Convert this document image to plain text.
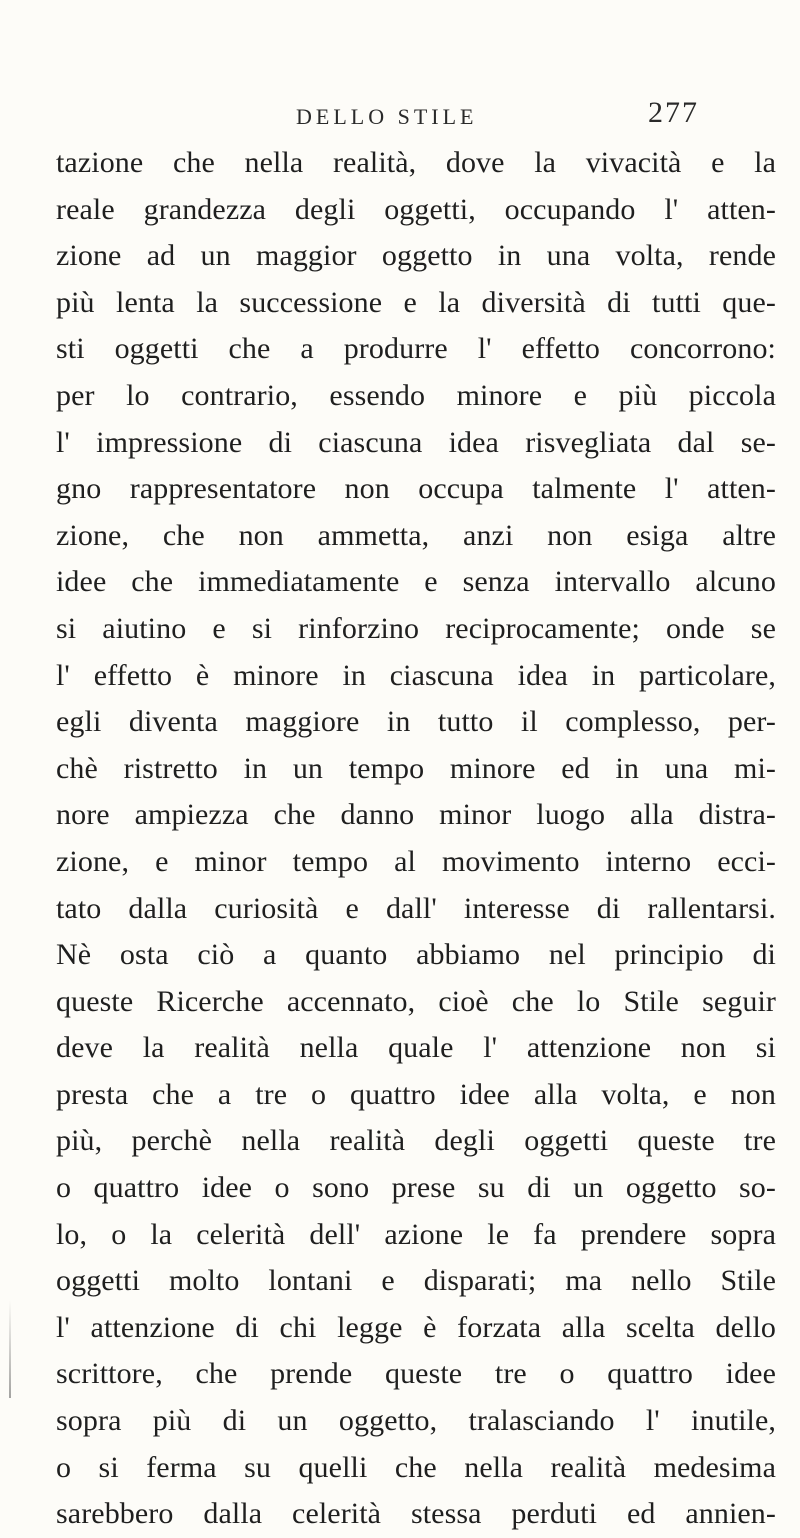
DELLO STILE	277
tazione che nella realità, dove la vivacità e la
reale grandezza degli oggetti, occupando l' atten-
zione ad un maggior oggetto in una volta, rende
più lenta la successione e la diversità di tutti que-
sti oggetti che a produrre l' effetto concorrono:
per lo contrario, essendo minore e più piccola
l' impressione di ciascuna idea risvegliata dal se-
gno rappresentatore non occupa talmente l' atten-
zione, che non ammetta, anzi non esiga altre
idee che immediatamente e senza intervallo alcuno
si aiutino e si rinforzino reciprocamente; onde se
l' effetto è minore in ciascuna idea in particolare,
egli diventa maggiore in tutto il complesso, per-
chè ristretto in un tempo minore ed in una mi-
nore ampiezza che danno minor luogo alla distra-
zione, e minor tempo al movimento interno ecci-
tato dalla curiosità e dall' interesse di rallentarsi.
Nè osta ciò a quanto abbiamo nel principio di
queste Ricerche accennato, cioè che lo Stile seguir
deve la realità nella quale l' attenzione non si
presta che a tre o quattro idee alla volta, e non
più, perchè nella realità degli oggetti queste tre
o quattro idee o sono prese su di un oggetto so-
lo, o la celerità dell' azione le fa prendere sopra
oggetti molto lontani e disparati; ma nello Stile
l' attenzione di chi legge è forzata alla scelta dello
scrittore, che prende queste tre o quattro idee
sopra più di un oggetto, tralasciando l' inutile,
o si ferma su quelli che nella realità medesima
sarebbero dalla celerità stessa perduti ed annien-
